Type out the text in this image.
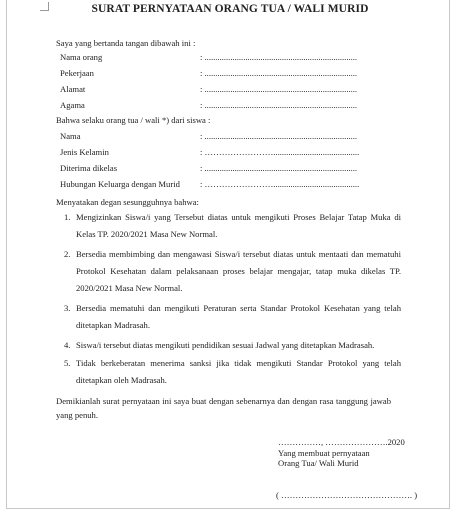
SURAT PERNYATAAN ORANG TUA / WALI MURID
Saya yang bertanda tangan dibawah ini :
Nama orang	: .......................................................................
Pekerjaan	: .......................................................................
Alamat	: .......................................................................
Agama	: .......................................................................
Bahwa selaku orang tua / wali *) dari siswa :
Nama	: .......................................................................
Jenis Kelamin	: ……………………........................................
Diterima dikelas	: .......................................................................
Hubungan Keluarga dengan Murid : ……………………........................................
Menyatakan degan sesungguhnya bahwa:
1. Mengizinkan Siswa/i yang Tersebut diatas untuk mengikuti Proses Belajar Tatap Muka di Kelas TP. 2020/2021 Masa New Normal.
2. Bersedia membimbing dan mengawasi Siswa/i tersebut diatas untuk mentaati dan mematuhi Protokol Kesehatan dalam pelaksanaan proses belajar mengajar, tatap muka dikelas TP. 2020/2021 Masa New Normal.
3. Bersedia mematuhi dan mengikuti Peraturan serta Standar Protokol Kesehatan yang telah ditetapkan Madrasah.
4. Siswa/i tersebut diatas mengikuti pendidikan sesuai Jadwal yang ditetapkan Madrasah.
5. Tidak berkeberatan menerima sanksi jika tidak mengikuti Standar Protokol yang telah ditetapkan oleh Madrasah.
Demikianlah surat pernyataan ini saya buat dengan sebenarnya dan dengan rasa tanggung jawab yang penuh.
……………, ………………….2020
Yang membuat pernyataan
Orang Tua/ Wali Murid
( ………………………………………. )
